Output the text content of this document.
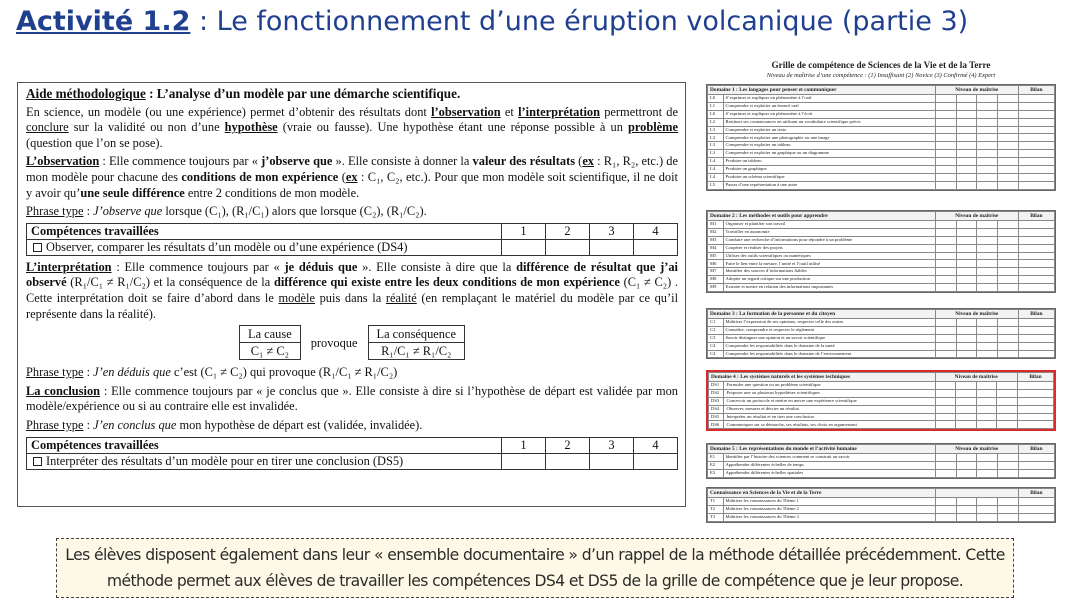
Activité 1.2 : Le fonctionnement d’une éruption volcanique (partie 3)

Aide méthodologique : L’analyse d’un modèle par une démarche scientifique.

En science, un modèle (ou une expérience) permet d’obtenir des résultats dont l’observation et l’interprétation permettront de conclure sur la validité ou non d’une hypothèse (vraie ou fausse). Une hypothèse étant une réponse possible à un problème (question que l’on se pose).

L’observation : Elle commence toujours par « j’observe que ». Elle consiste à donner la valeur des résultats (ex : R₁, R₂, etc.) de mon modèle pour chacune des conditions de mon expérience (ex : C₁, C₂, etc.). Pour que mon modèle soit scientifique, il ne doit y avoir qu’une seule différence entre 2 conditions de mon modèle.

Phrase type : J’observe que lorsque (C₁), (R₁/C₁) alors que lorsque (C₂), (R₁/C₂).

Compétences travaillées	1	2	3	4
Observer, comparer les résultats d’un modèle ou d’une expérience (DS4)				

L’interprétation : Elle commence toujours par « je déduis que ». Elle consiste à dire que la différence de résultat que j’ai observé (R₁/C₁ ≠ R₁/C₂) et la conséquence de la différence qui existe entre les deux conditions de mon expérience (C₁ ≠ C₂) . Cette interprétation doit se faire d’abord dans le modèle puis dans la réalité (en remplaçant le matériel du modèle par ce qu’il représente dans la réalité).

La cause	provoque	La conséquence
C₁ ≠ C₂		R₁/C₁ ≠ R₁/C₂

Phrase type : J’en déduis que c’est (C₁ ≠ C₂) qui provoque (R₁/C₁ ≠ R₁/C₂)

La conclusion : Elle commence toujours par « je conclus que ». Elle consiste à dire si l’hypothèse de départ est validée par mon modèle/expérience ou si au contraire elle est invalidée.

Phrase type : J’en conclus que mon hypothèse de départ est (validée, invalidée).

Compétences travaillées	1	2	3	4
Interpréter des résultats d’un modèle pour en tirer une conclusion (DS5)				
Grille de compétence de Sciences de la Vie et de la Terre
Niveau de maîtrise d’une compétence : (1) Insuffisant (2) Novice (3) Confirmé (4) Expert
Domaine 1 : Les langages pour penser et communiquer		Niveau de maîtrise				Bilan
L0	S’exprimer et expliquer un phénomène à l’oral					
L1	Comprendre et exploiter un énoncé oral					
L0	S’exprimer et expliquer un phénomène à l’écrit					
L2	Restituer ses connaissances en utilisant un vocabulaire scientifique précis					
L3	Comprendre et exploiter un texte					
L3	Comprendre et exploiter une photographie ou une image					
L3	Comprendre et exploiter un tableau					
L3	Comprendre et exploiter un graphique ou un diagramme					
L4	Produire un tableau					
L4	Produire un graphique					
L4	Produire un schéma scientifique					
L5	Passer d’une représentation à une autre					
Domaine 2 : Les méthodes et outils pour apprendre		Niveau de maîtrise				Bilan
M1	Organiser et planifier son travail					
M2	Travailler en autonomie					
M3	Conduire une recherche d’informations pour répondre à un problème					
M4	Coopérer et réaliser des projets					
M5	Utiliser des outils scientifiques ou numériques					
M6	Faire le lien entre la mesure, l’unité et l’outil utilisé					
M7	Identifier des sources d’informations fiables					
M8	Adopter un regard critique sur une production					
M9	Extraire et mettre en relation des informations importantes					
Domaine 3 : La formation de la personne et du citoyen		Niveau de maîtrise				Bilan
C1	Maîtriser l’expression de ses opinions, respecter celle des autres					
C2	Connaître, comprendre et respecter le règlement					
C3	Savoir distinguer une opinion et un savoir scientifique					
C4	Comprendre les responsabilités dans le domaine de la santé					
C4	Comprendre les responsabilités dans le domaine de l’environnement					
Domaine 4 : Les systèmes naturels et les systèmes techniques		Niveau de maîtrise				Bilan
DS1	Formuler une question ou un problème scientifique					
DS2	Proposer une ou plusieurs hypothèses scientifiques					
DS3	Concevoir un protocole et mettre en œuvre une expérience scientifique					
DS4	Observer, mesurer et décrire un résultat					
DS5	Interpréter un résultat et en tirer une conclusion					
DS6	Communiquer sur sa démarche, ses résultats, ses choix en argumentant					
Domaine 5 : Les représentations du monde et l’activité humaine		Niveau de maîtrise				Bilan
E1	Identifier par l’histoire des sciences comment se construit un savoir					
E2	Appréhender différentes échelles de temps					
E3	Appréhender différentes échelles spatiales					
Connaissance en Sciences de la Vie et de la Terre						Bilan
T1	Maîtriser les connaissances du Thème 1					
T2	Maîtriser les connaissances du Thème 2					
T3	Maîtriser les connaissances du Thème 3					
Les élèves disposent également dans leur « ensemble documentaire » d’un rappel de la méthode détaillée précédemment. Cette
méthode permet aux élèves de travailler les compétences DS4 et DS5 de la grille de compétence que je leur propose.
